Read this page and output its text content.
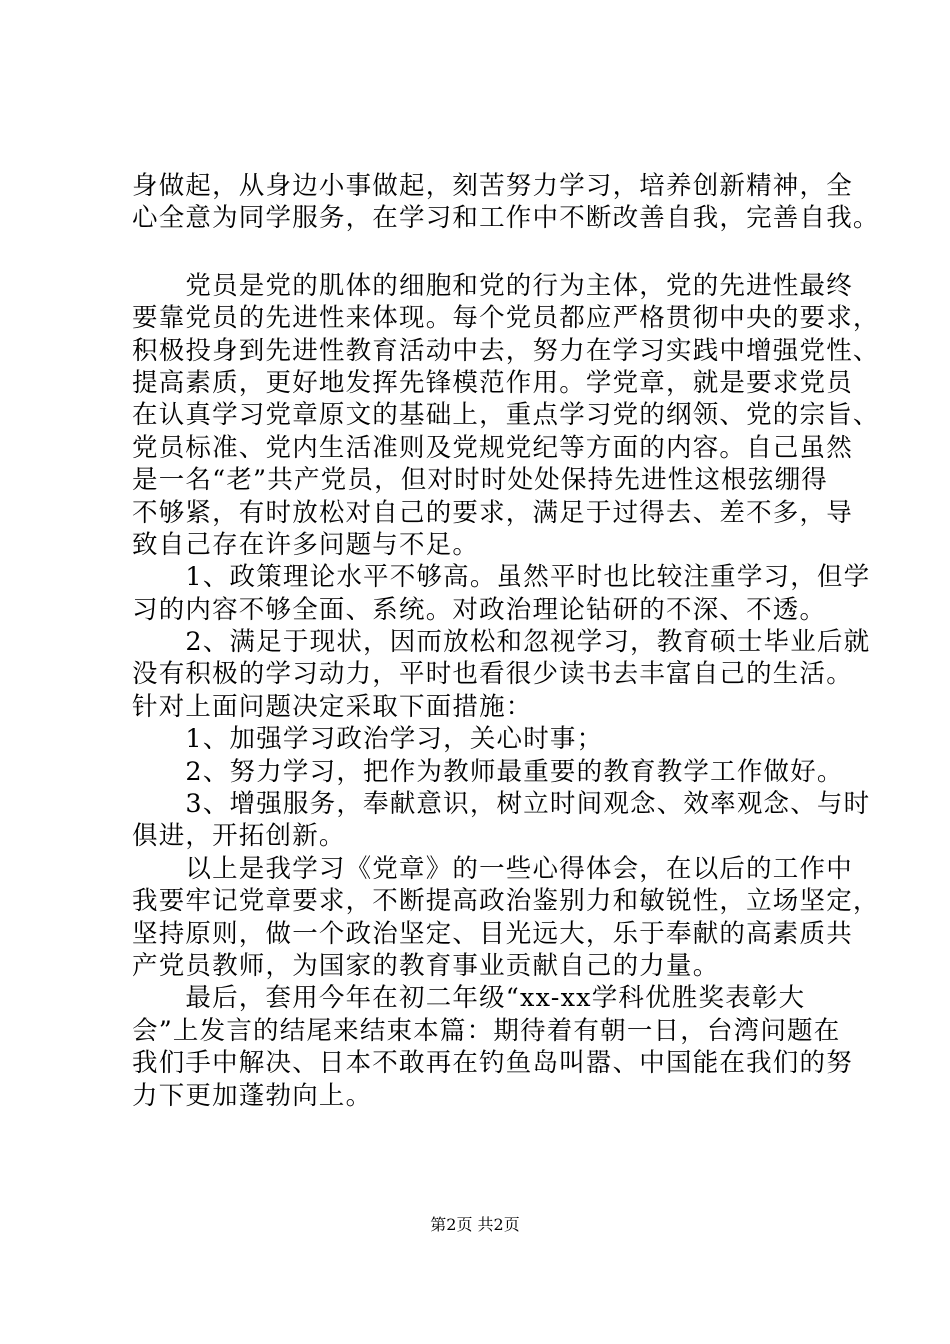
身做起，从身边小事做起，刻苦努力学习，培养创新精神，全
心全意为同学服务，在学习和工作中不断改善自我，完善自我。
　　党员是党的肌体的细胞和党的行为主体，党的先进性最终
要靠党员的先进性来体现。每个党员都应严格贯彻中央的要求，
积极投身到先进性教育活动中去，努力在学习实践中增强党性、
提高素质，更好地发挥先锋模范作用。学党章，就是要求党员
在认真学习党章原文的基础上，重点学习党的纲领、党的宗旨、
党员标准、党内生活准则及党规党纪等方面的内容。自己虽然
是一名“老”共产党员，但对时时处处保持先进性这根弦绷得
不够紧，有时放松对自己的要求，满足于过得去、差不多，导
致自己存在许多问题与不足。
　　1、政策理论水平不够高。虽然平时也比较注重学习，但学
习的内容不够全面、系统。对政治理论钻研的不深、不透。
　　2、满足于现状，因而放松和忽视学习，教育硕士毕业后就
没有积极的学习动力，平时也看很少读书去丰富自己的生活。
针对上面问题决定采取下面措施：
　　1、加强学习政治学习，关心时事；
　　2、努力学习，把作为教师最重要的教育教学工作做好。
　　3、增强服务，奉献意识，树立时间观念、效率观念、与时
俱进，开拓创新。
　　以上是我学习《党章》的一些心得体会，在以后的工作中
我要牢记党章要求，不断提高政治鉴别力和敏锐性，立场坚定，
坚持原则，做一个政治坚定、目光远大，乐于奉献的高素质共
产党员教师，为国家的教育事业贡献自己的力量。
　　最后，套用今年在初二年级“xx-xx学科优胜奖表彰大
会”上发言的结尾来结束本篇：期待着有朝一日，台湾问题在
我们手中解决、日本不敢再在钓鱼岛叫嚣、中国能在我们的努
力下更加蓬勃向上。
第2页 共2页
